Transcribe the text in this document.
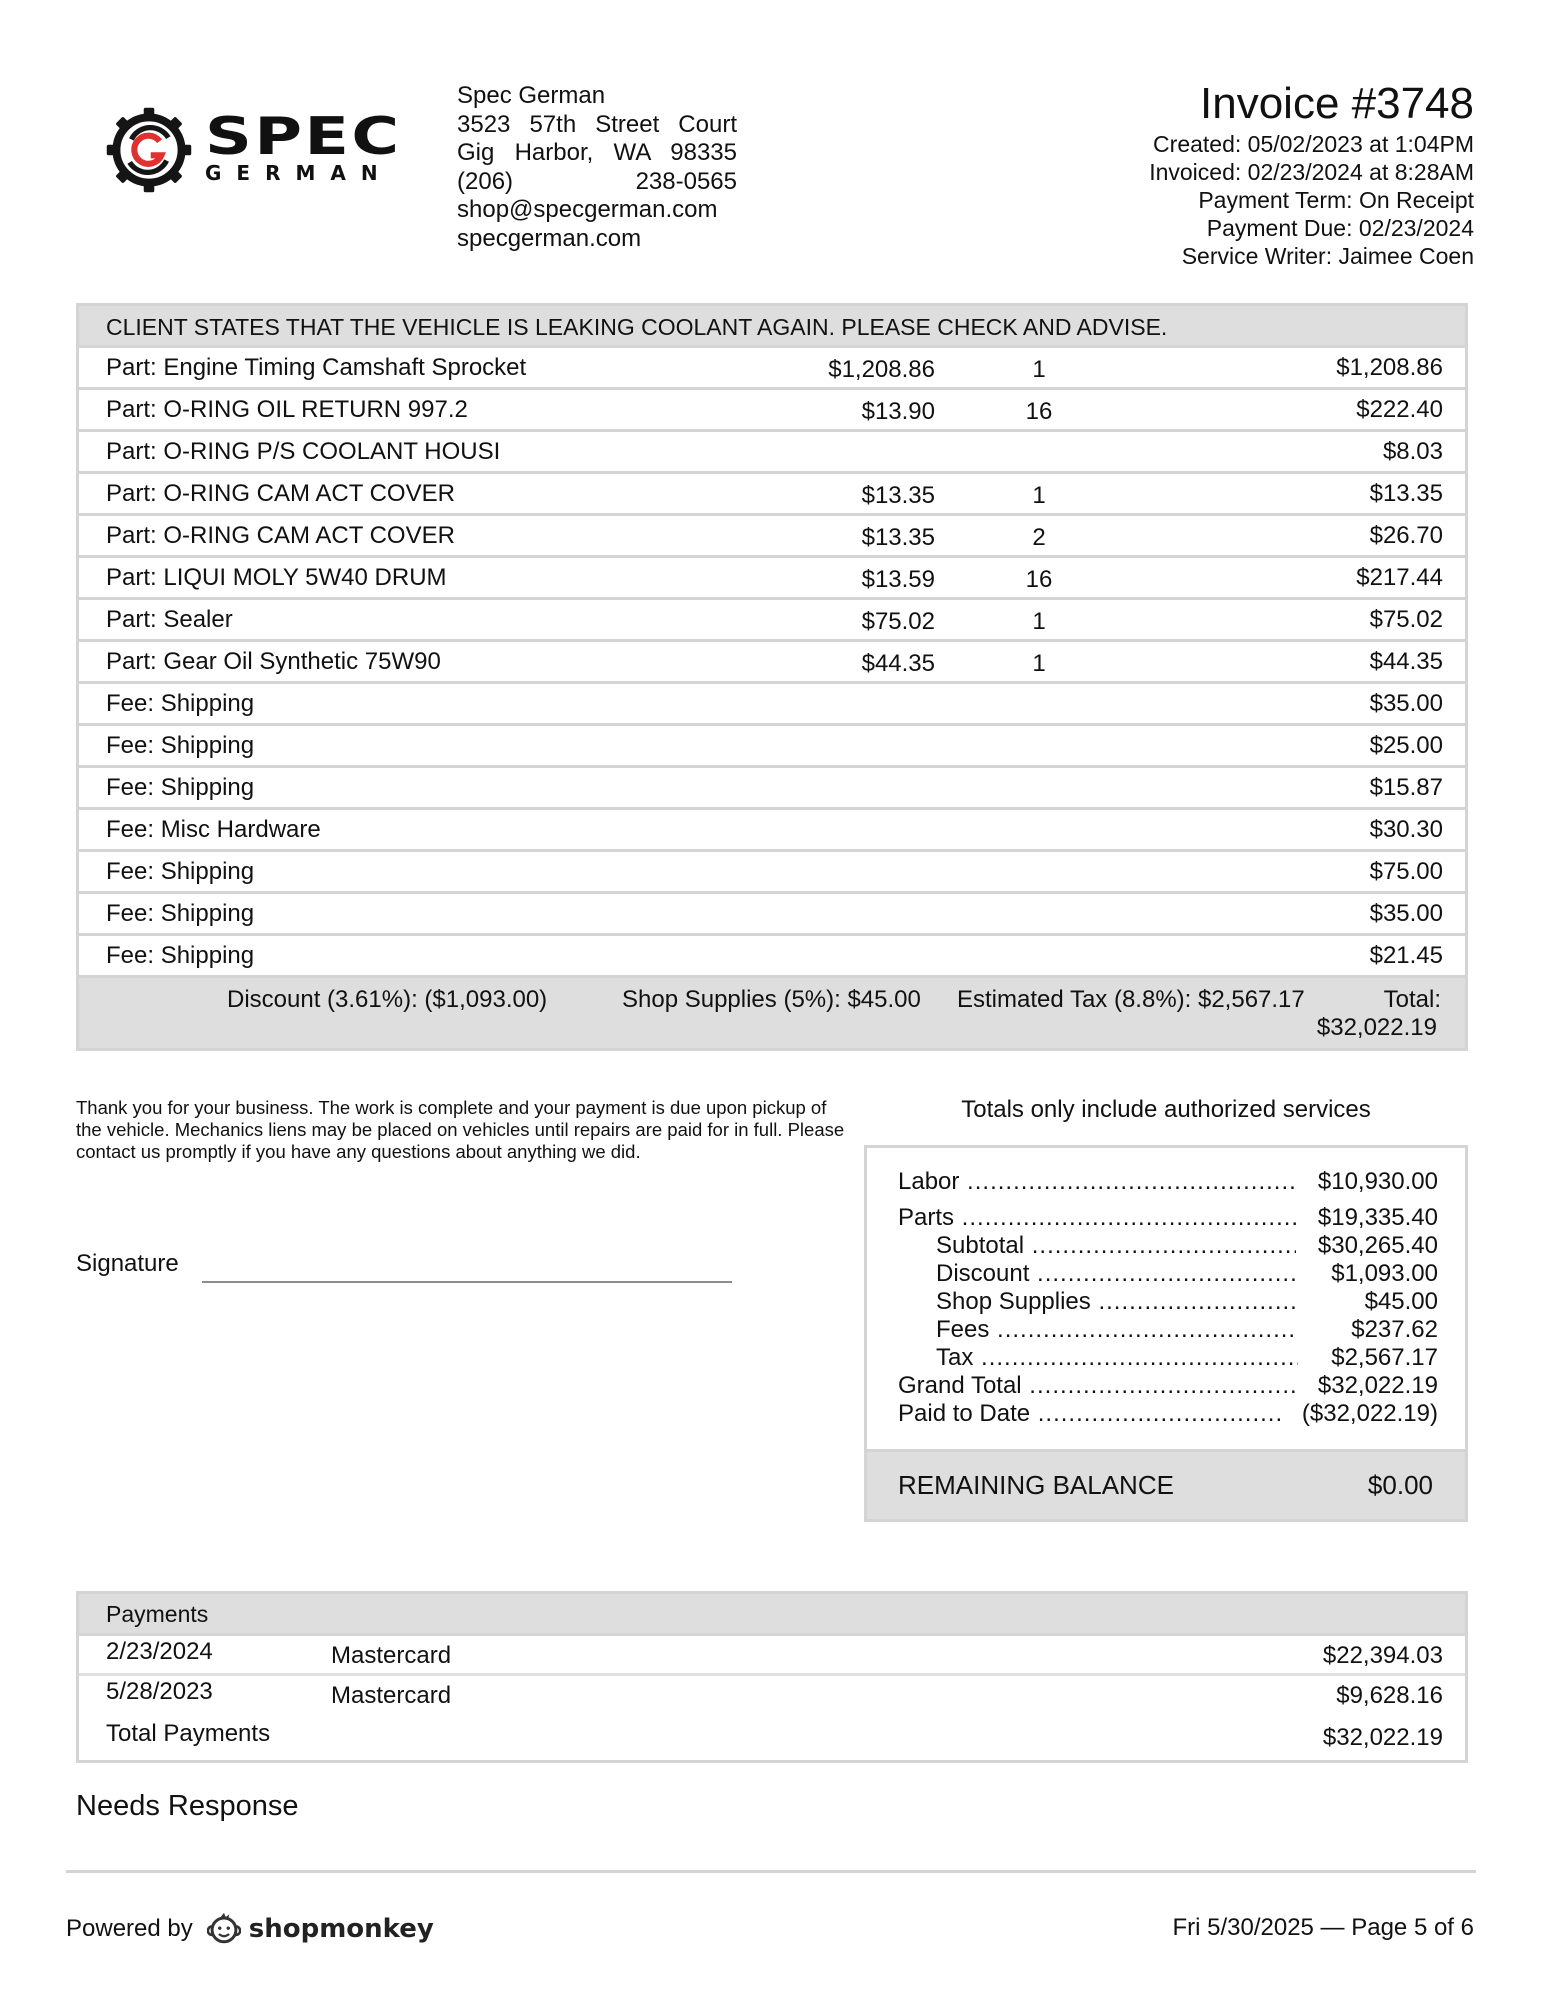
SPEC
GERMAN
Spec German
3523 57th Street Court
Gig Harbor, WA 98335
(206) 238-0565
shop@specgerman.com
specgerman.com
Invoice #3748
Created: 05/02/2023 at 1:04PM
Invoiced: 02/23/2024 at 8:28AM
Payment Term: On Receipt
Payment Due: 02/23/2024
Service Writer: Jaimee Coen
CLIENT STATES THAT THE VEHICLE IS LEAKING COOLANT AGAIN. PLEASE CHECK AND ADVISE.
Part: Engine Timing Camshaft Sprocket	$1,208.86	1	$1,208.86
Part: O-RING OIL RETURN 997.2	$13.90	16	$222.40
Part: O-RING P/S COOLANT HOUSI	$8.03
Part: O-RING CAM ACT COVER	$13.35	1	$13.35
Part: O-RING CAM ACT COVER	$13.35	2	$26.70
Part: LIQUI MOLY 5W40 DRUM	$13.59	16	$217.44
Part: Sealer	$75.02	1	$75.02
Part: Gear Oil Synthetic 75W90	$44.35	1	$44.35
Fee: Shipping	$35.00
Fee: Shipping	$25.00
Fee: Shipping	$15.87
Fee: Misc Hardware	$30.30
Fee: Shipping	$75.00
Fee: Shipping	$35.00
Fee: Shipping	$21.45
Discount (3.61%): ($1,093.00)	Shop Supplies (5%): $45.00 Estimated Tax (8.8%): $2,567.17	Total:
$32,022.19
Thank you for your business. The work is complete and your payment is due upon pickup of the vehicle. Mechanics liens may be placed on vehicles until repairs are paid for in full. Please contact us promptly if you have any questions about anything we did.
Signature
Totals only include authorized services
Labor .....	$10,930.00
Parts .....	$19,335.40
Subtotal .....	$30,265.40
Discount .....	$1,093.00
Shop Supplies .....	$45.00
Fees .....	$237.62
Tax .....	$2,567.17
Grand Total .....	$32,022.19
Paid to Date .....	($32,022.19)
REMAINING BALANCE	$0.00
Payments
2/23/2024	Mastercard	$22,394.03
5/28/2023	Mastercard	$9,628.16
Total Payments	$32,022.19
Needs Response
Powered by shopmonkey	Fri 5/30/2025 — Page 5 of 6
